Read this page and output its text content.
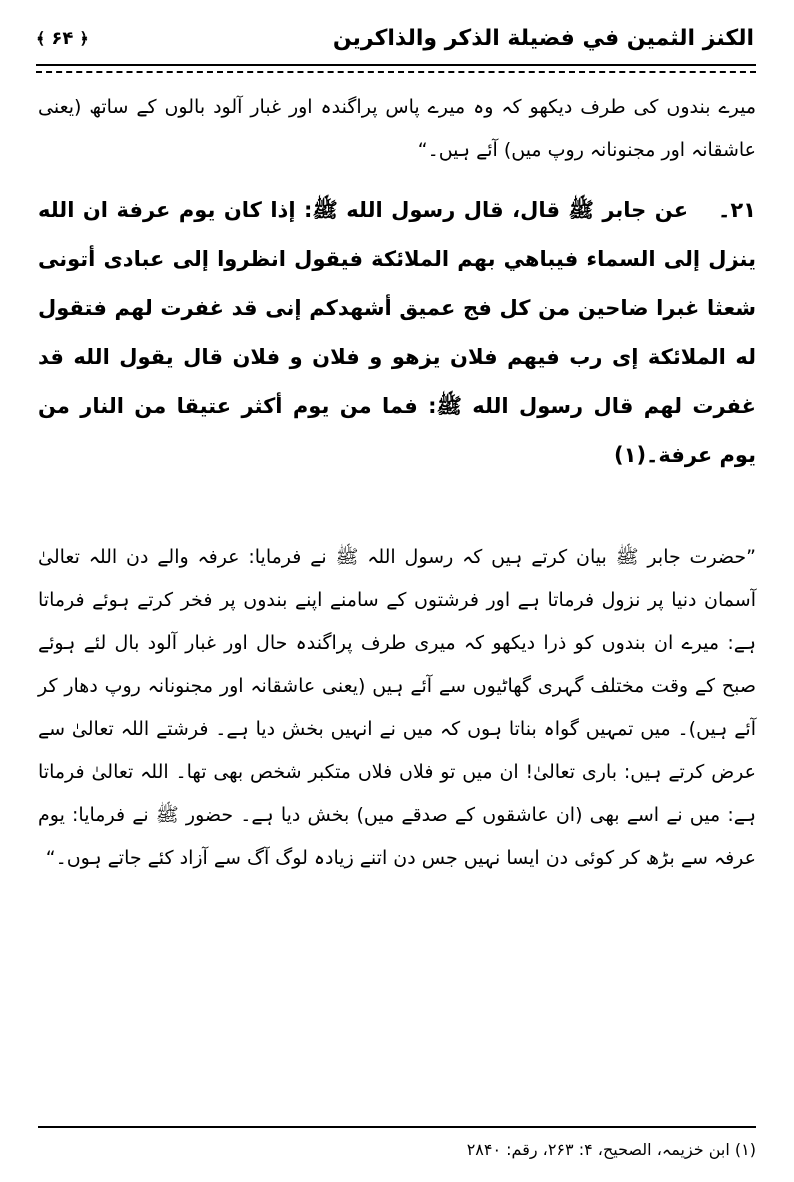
الكنز الثمين في فضيلة الذكر والذاكرين
﴾ ۶۴ ﴿
میرے بندوں کی طرف دیکھو کہ وہ میرے پاس پراگندہ اور غبار آلود بالوں کے ساتھ (یعنی عاشقانہ اور مجنونانہ روپ میں) آئے ہیں۔“
۲۱۔عن جابر ﷺ قال، قال رسول الله ﷺ: إذا كان يوم عرفة ان الله ينزل إلى السماء فيباهي بهم الملائكة فيقول انظروا إلى عبادى أتونى شعثا غبرا ضاحين من كل فج عميق أشهدكم إنى قد غفرت لهم فتقول له الملائكة إى رب فيهم فلان يزهو و فلان و فلان قال يقول الله قد غفرت لهم قال رسول الله ﷺ: فما من يوم أكثر عتيقا من النار من يوم عرفة۔(۱)
”حضرت جابر ﷺ بیان کرتے ہیں کہ رسول اللہ ﷺ نے فرمایا: عرفہ والے دن اللہ تعالیٰ آسمان دنیا پر نزول فرماتا ہے اور فرشتوں کے سامنے اپنے بندوں پر فخر کرتے ہوئے فرماتا ہے: میرے ان بندوں کو ذرا دیکھو کہ میری طرف پراگندہ حال اور غبار آلود بال لئے ہوئے صبح کے وقت مختلف گہری گھاٹیوں سے آئے ہیں (یعنی عاشقانہ اور مجنونانہ روپ دھار کر آئے ہیں)۔ میں تمہیں گواہ بناتا ہوں کہ میں نے انہیں بخش دیا ہے۔ فرشتے اللہ تعالیٰ سے عرض کرتے ہیں: باری تعالیٰ! ان میں تو فلاں فلاں متکبر شخص بھی تھا۔ اللہ تعالیٰ فرماتا ہے: میں نے اسے بھی (ان عاشقوں کے صدقے میں) بخش دیا ہے۔ حضور ﷺ نے فرمایا: یوم عرفہ سے بڑھ کر کوئی دن ایسا نہیں جس دن اتنے زیادہ لوگ آگ سے آزاد کئے جاتے ہوں۔“
(۱) ابن خزیمہ، الصحیح، ۴: ۲۶۳، رقم: ۲۸۴۰
